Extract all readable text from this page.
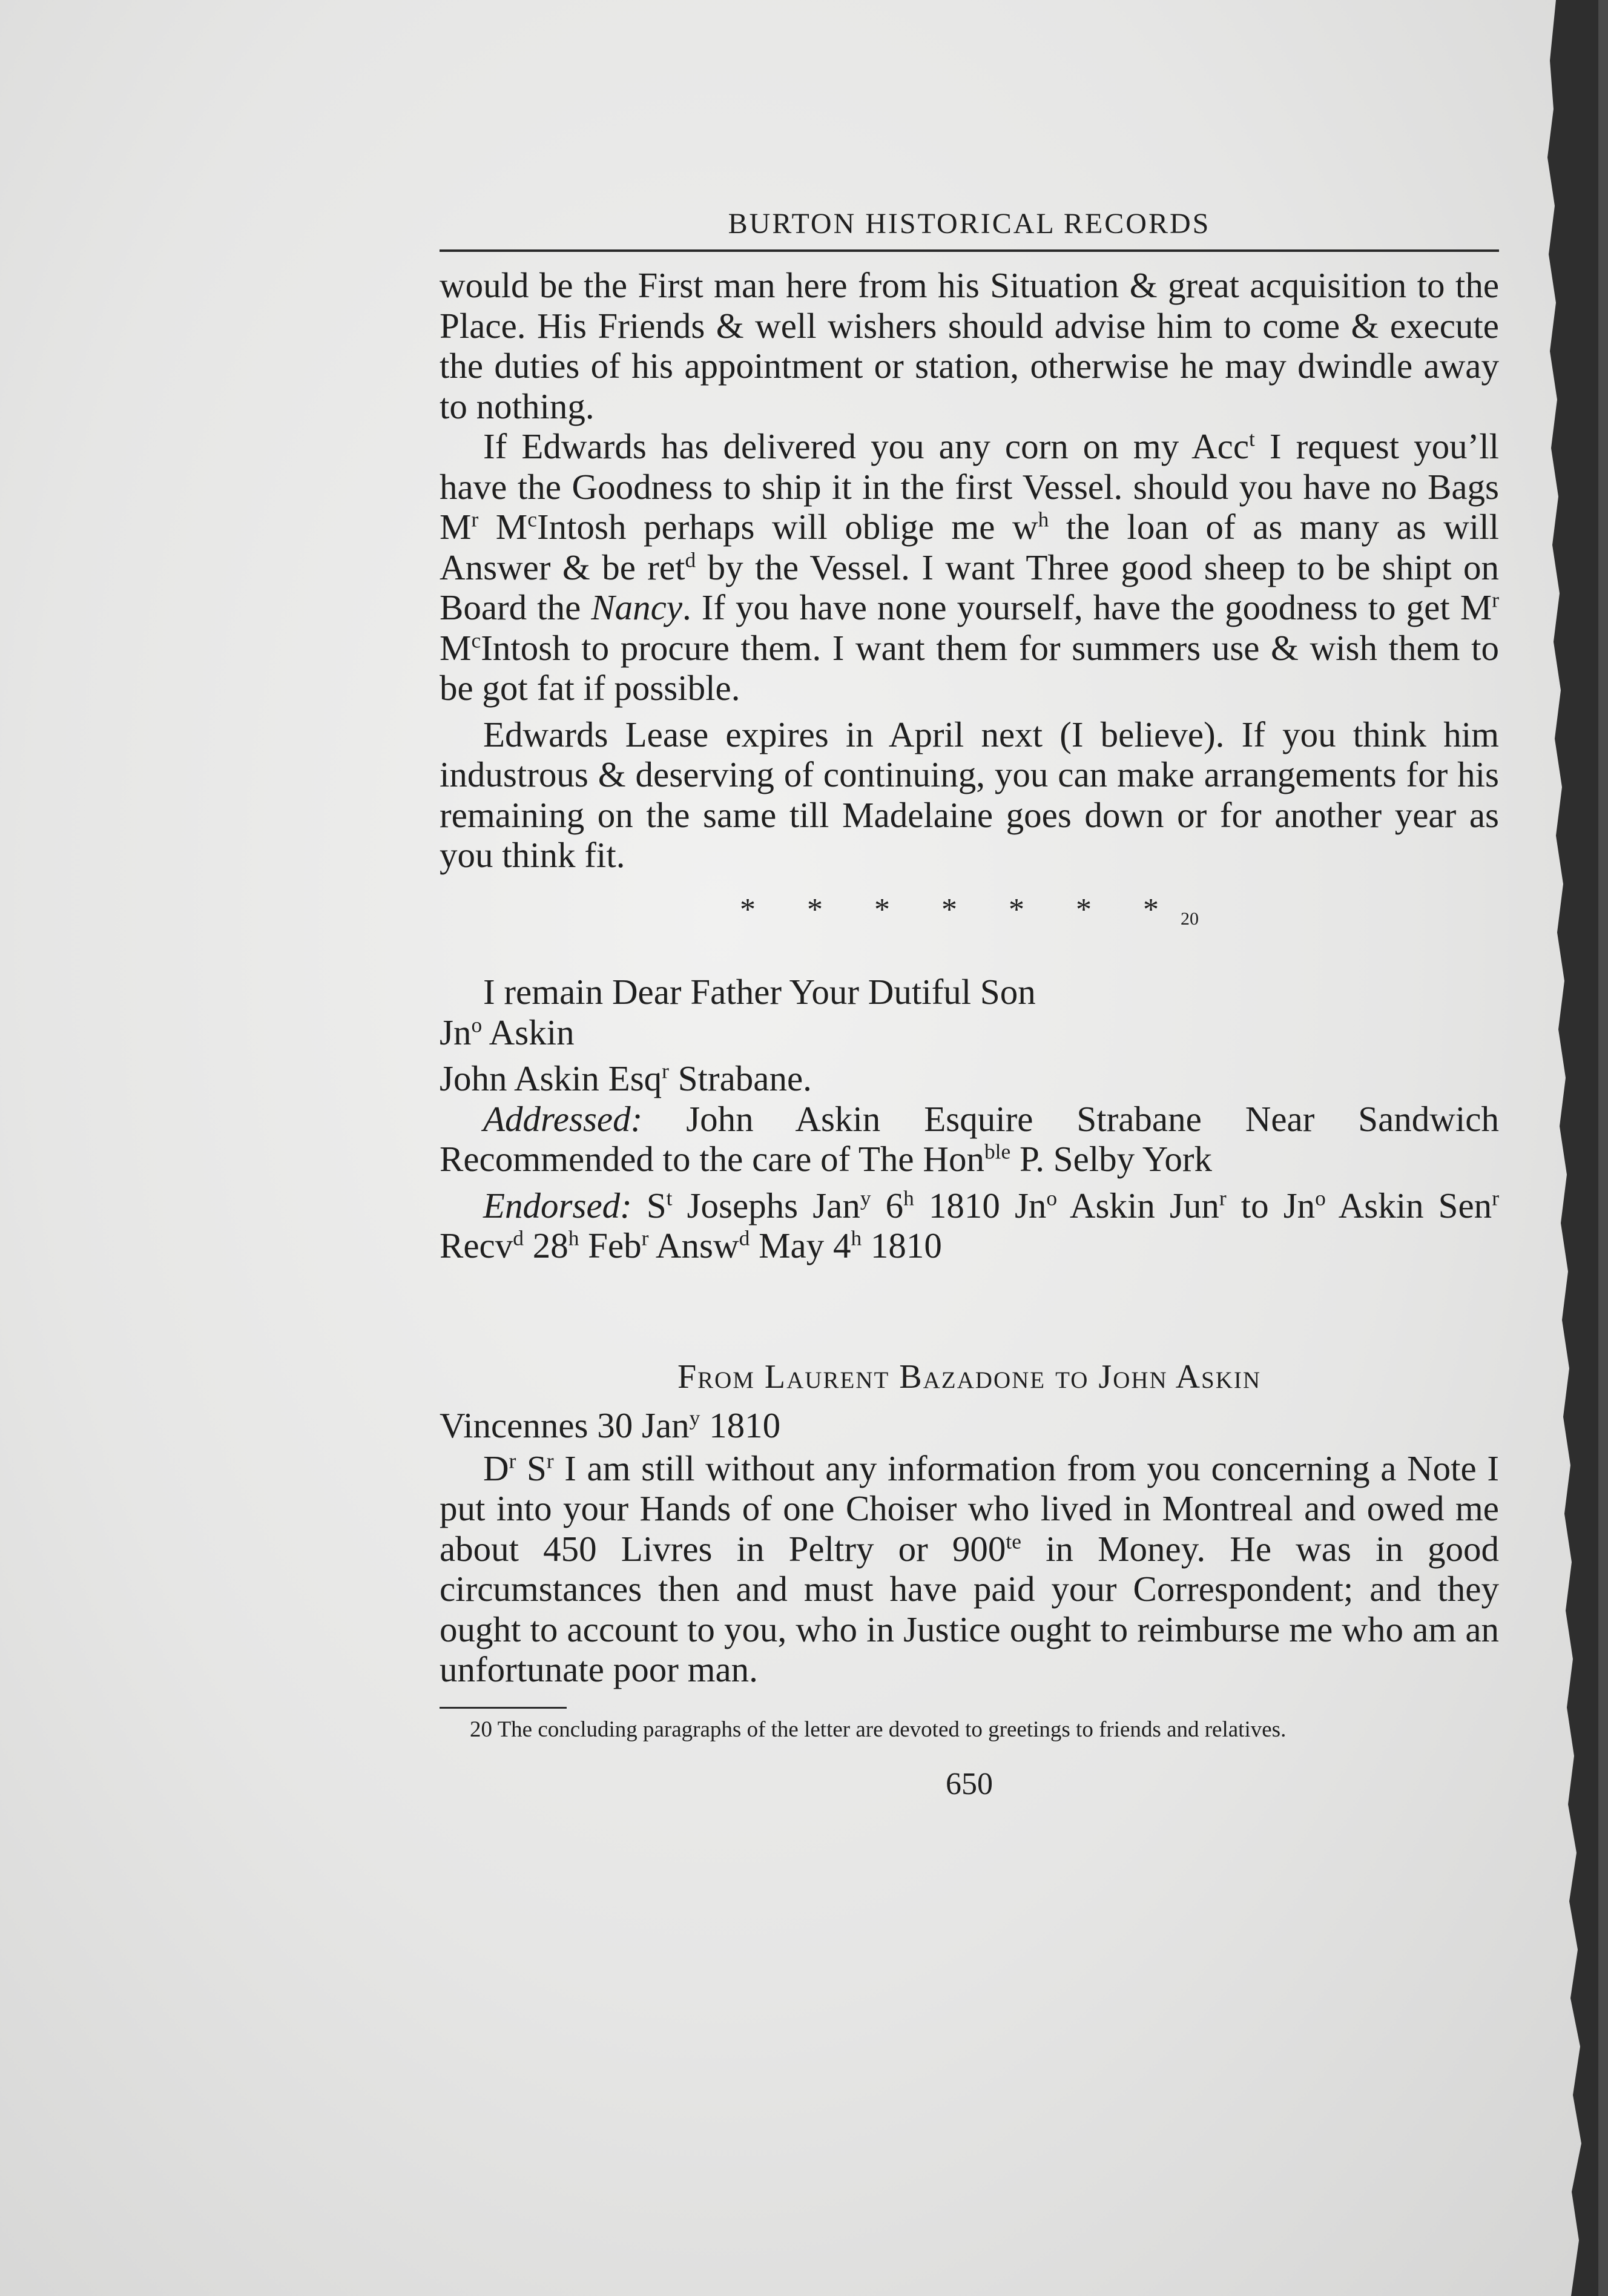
BURTON HISTORICAL RECORDS

would be the First man here from his Situation & great acquisition to the Place. His Friends & well wishers should advise him to come & execute the duties of his appointment or station, otherwise he may dwindle away to nothing.

If Edwards has delivered you any corn on my Acc$^t$ I request you’ll have the Goodness to ship it in the first Vessel. should you have no Bags $M^r$ $M^cIntosh$ perhaps will oblige me $w^h$ the loan of as many as will Answer & be ret$^d$ by the Vessel. I want Three good sheep to be shipt on Board the Nancy. If you have none yourself, have the goodness to get $M^r$ $M^cIntosh$ to procure them. I want them for summers use & wish them to be got fat if possible.

Edwards Lease expires in April next (I believe). If you think him industrous & deserving of continuing, you can make arrangements for his remaining on the same till Madelaine goes down or for another year as you think fit.

* * * * * * *$^{20}$

I remain Dear Father Your Dutiful Son

Jn$^o$ Askin

John Askin Esq$^r$ Strabane.

Addressed: John Askin Esquire Strabane Near Sandwich Recommended to the care of The Hon$^{ble}$ P. Selby York

Endorsed: $S^t$ Josephs Jan$^y$ 6$^h$ 1810 Jn$^o$ Askin Jun$^r$ to Jn$^o$ Askin Sen$^r$ Recv$^d$ 28$^h$ Feb$^r$ Answ$^d$ May 4$^h$ 1810

From Laurent Bazadone to John Askin

Vincennes 30 Jan$^y$ 1810

$D^r$ $S^r$ I am still without any information from you concerning a Note I put into your Hands of one Choiser who lived in Montreal and owed me about 450 Livres in Peltry or $900^{te}$ in Money. He was in good circumstances then and must have paid your Correspondent; and they ought to account to you, who in Justice ought to reimburse me who am an unfortunate poor man.

20 The concluding paragraphs of the letter are devoted to greetings to friends and relatives.

650
